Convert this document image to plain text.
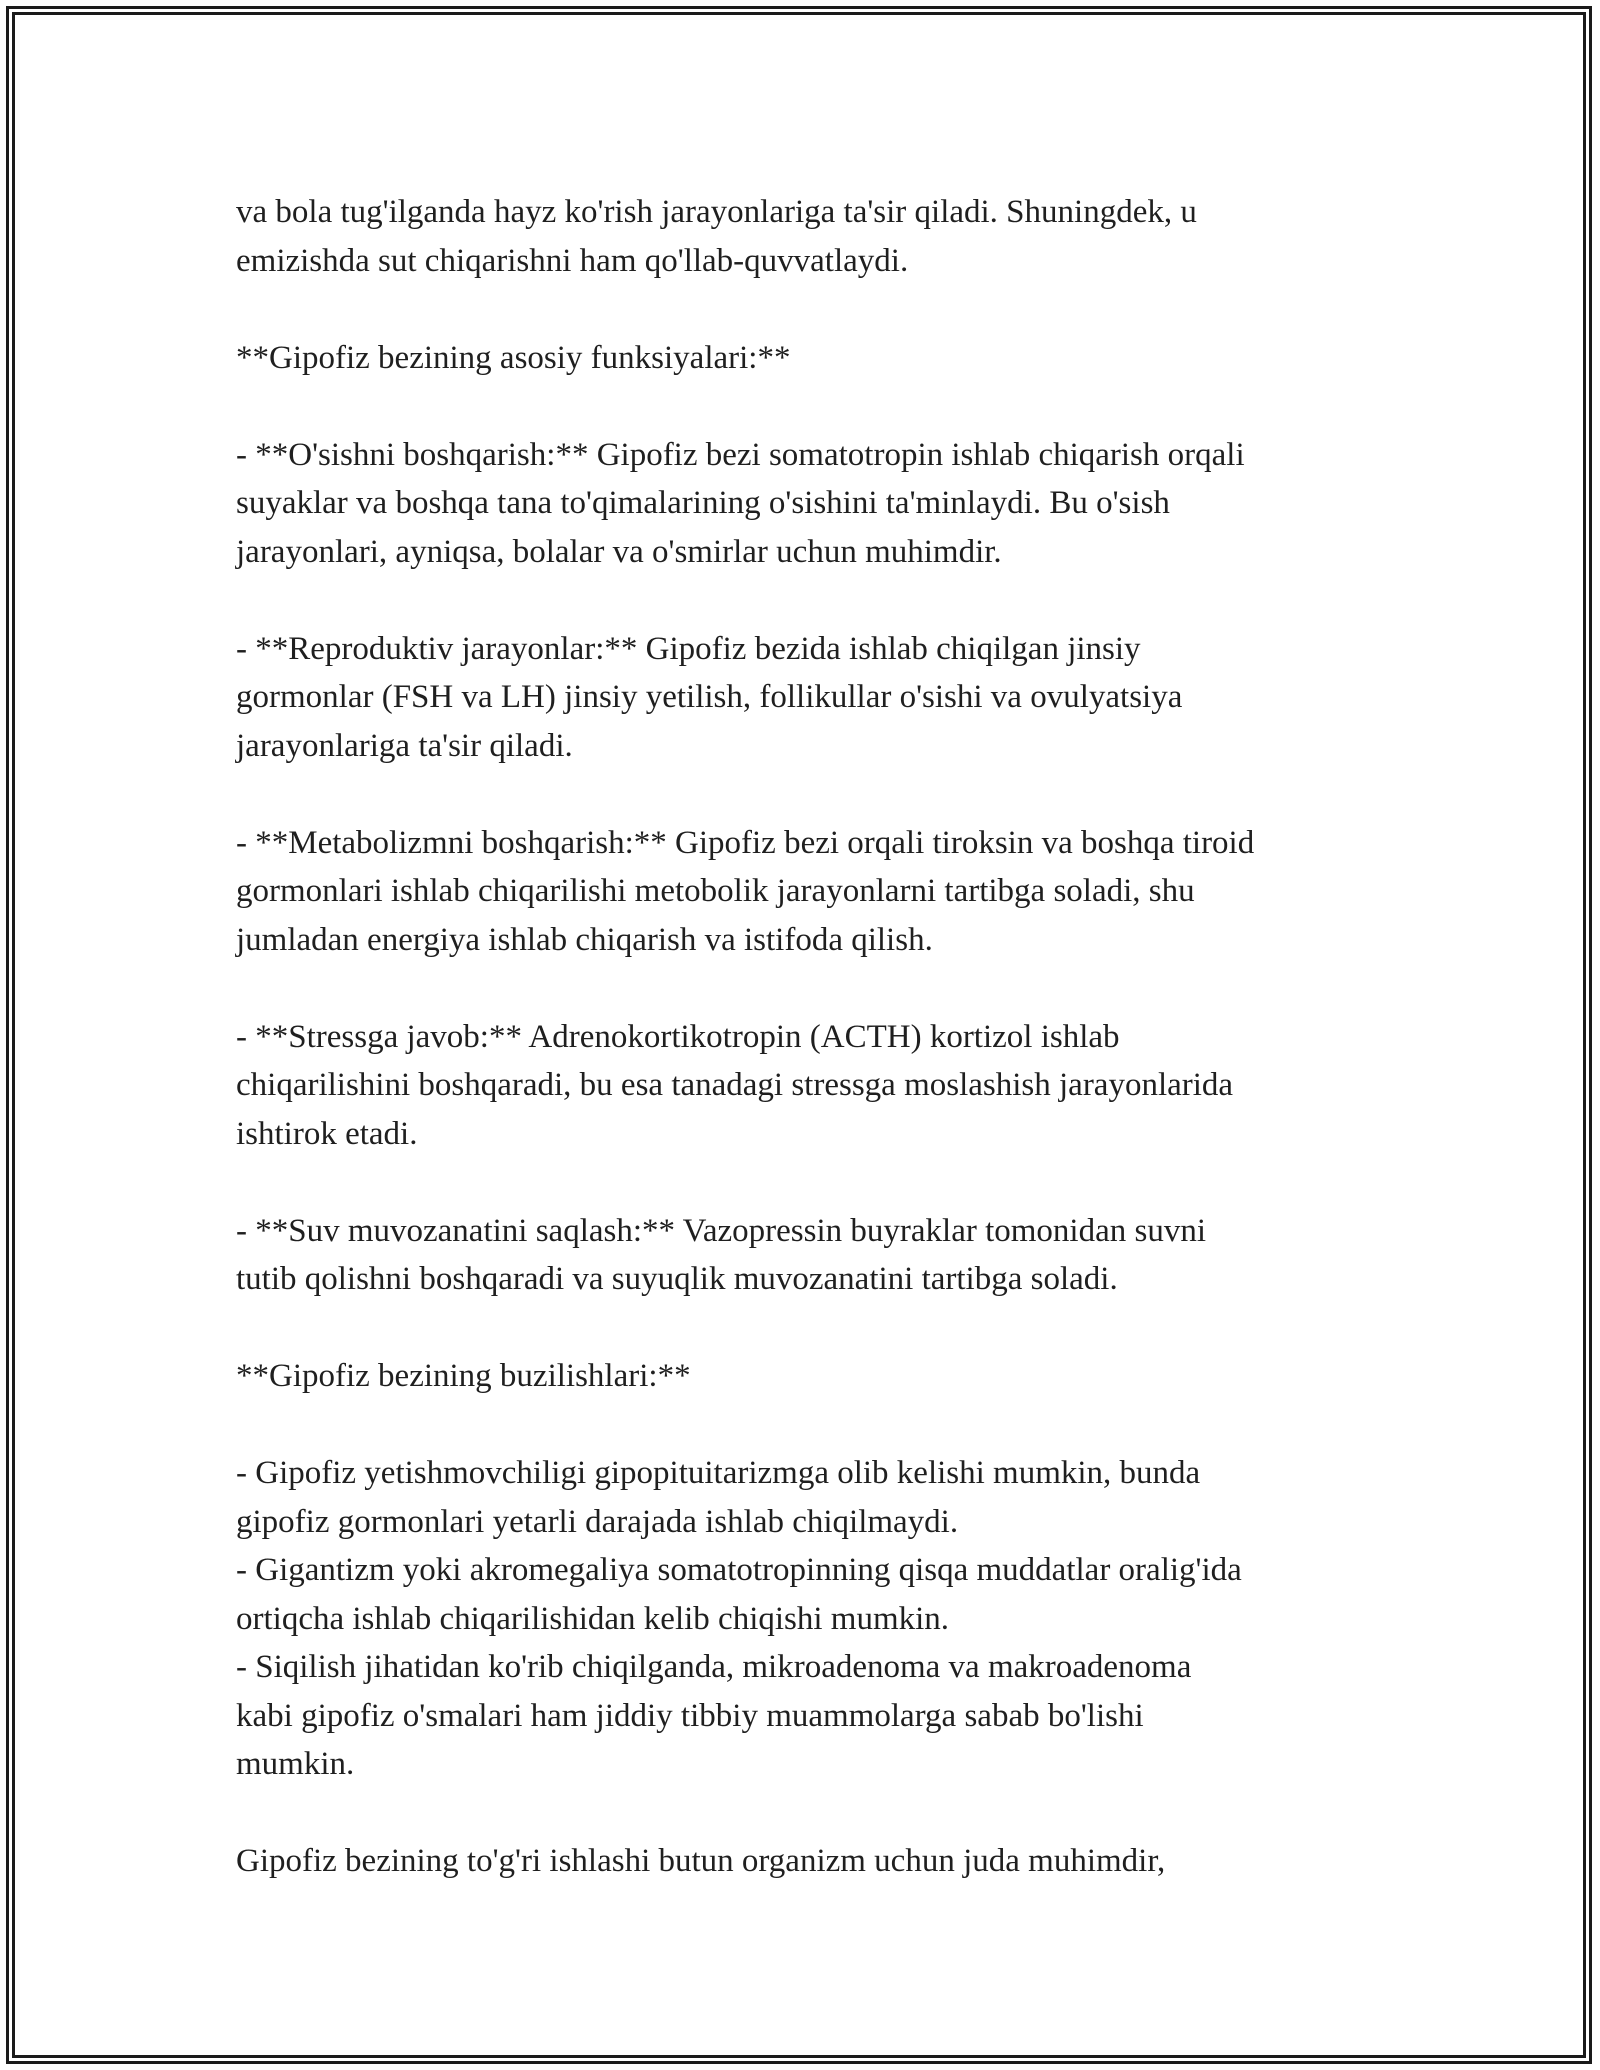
va bola tug'ilganda hayz ko'rish jarayonlariga ta'sir qiladi. Shuningdek, u
emizishda sut chiqarishni ham qo'llab-quvvatlaydi.
**Gipofiz bezining asosiy funksiyalari:**
- **O'sishni boshqarish:** Gipofiz bezi somatotropin ishlab chiqarish orqali
suyaklar va boshqa tana to'qimalarining o'sishini ta'minlaydi. Bu o'sish
jarayonlari, ayniqsa, bolalar va o'smirlar uchun muhimdir.
- **Reproduktiv jarayonlar:** Gipofiz bezida ishlab chiqilgan jinsiy
gormonlar (FSH va LH) jinsiy yetilish, follikullar o'sishi va ovulyatsiya
jarayonlariga ta'sir qiladi.
- **Metabolizmni boshqarish:** Gipofiz bezi orqali tiroksin va boshqa tiroid
gormonlari ishlab chiqarilishi metobolik jarayonlarni tartibga soladi, shu
jumladan energiya ishlab chiqarish va istifoda qilish.
- **Stressga javob:** Adrenokortikotropin (ACTH) kortizol ishlab
chiqarilishini boshqaradi, bu esa tanadagi stressga moslashish jarayonlarida
ishtirok etadi.
- **Suv muvozanatini saqlash:** Vazopressin buyraklar tomonidan suvni
tutib qolishni boshqaradi va suyuqlik muvozanatini tartibga soladi.
**Gipofiz bezining buzilishlari:**
- Gipofiz yetishmovchiligi gipopituitarizmga olib kelishi mumkin, bunda
gipofiz gormonlari yetarli darajada ishlab chiqilmaydi.
- Gigantizm yoki akromegaliya somatotropinning qisqa muddatlar oralig'ida
ortiqcha ishlab chiqarilishidan kelib chiqishi mumkin.
- Siqilish jihatidan ko'rib chiqilganda, mikroadenoma va makroadenoma
kabi gipofiz o'smalari ham jiddiy tibbiy muammolarga sabab bo'lishi
mumkin.
Gipofiz bezining to'g'ri ishlashi butun organizm uchun juda muhimdir,
